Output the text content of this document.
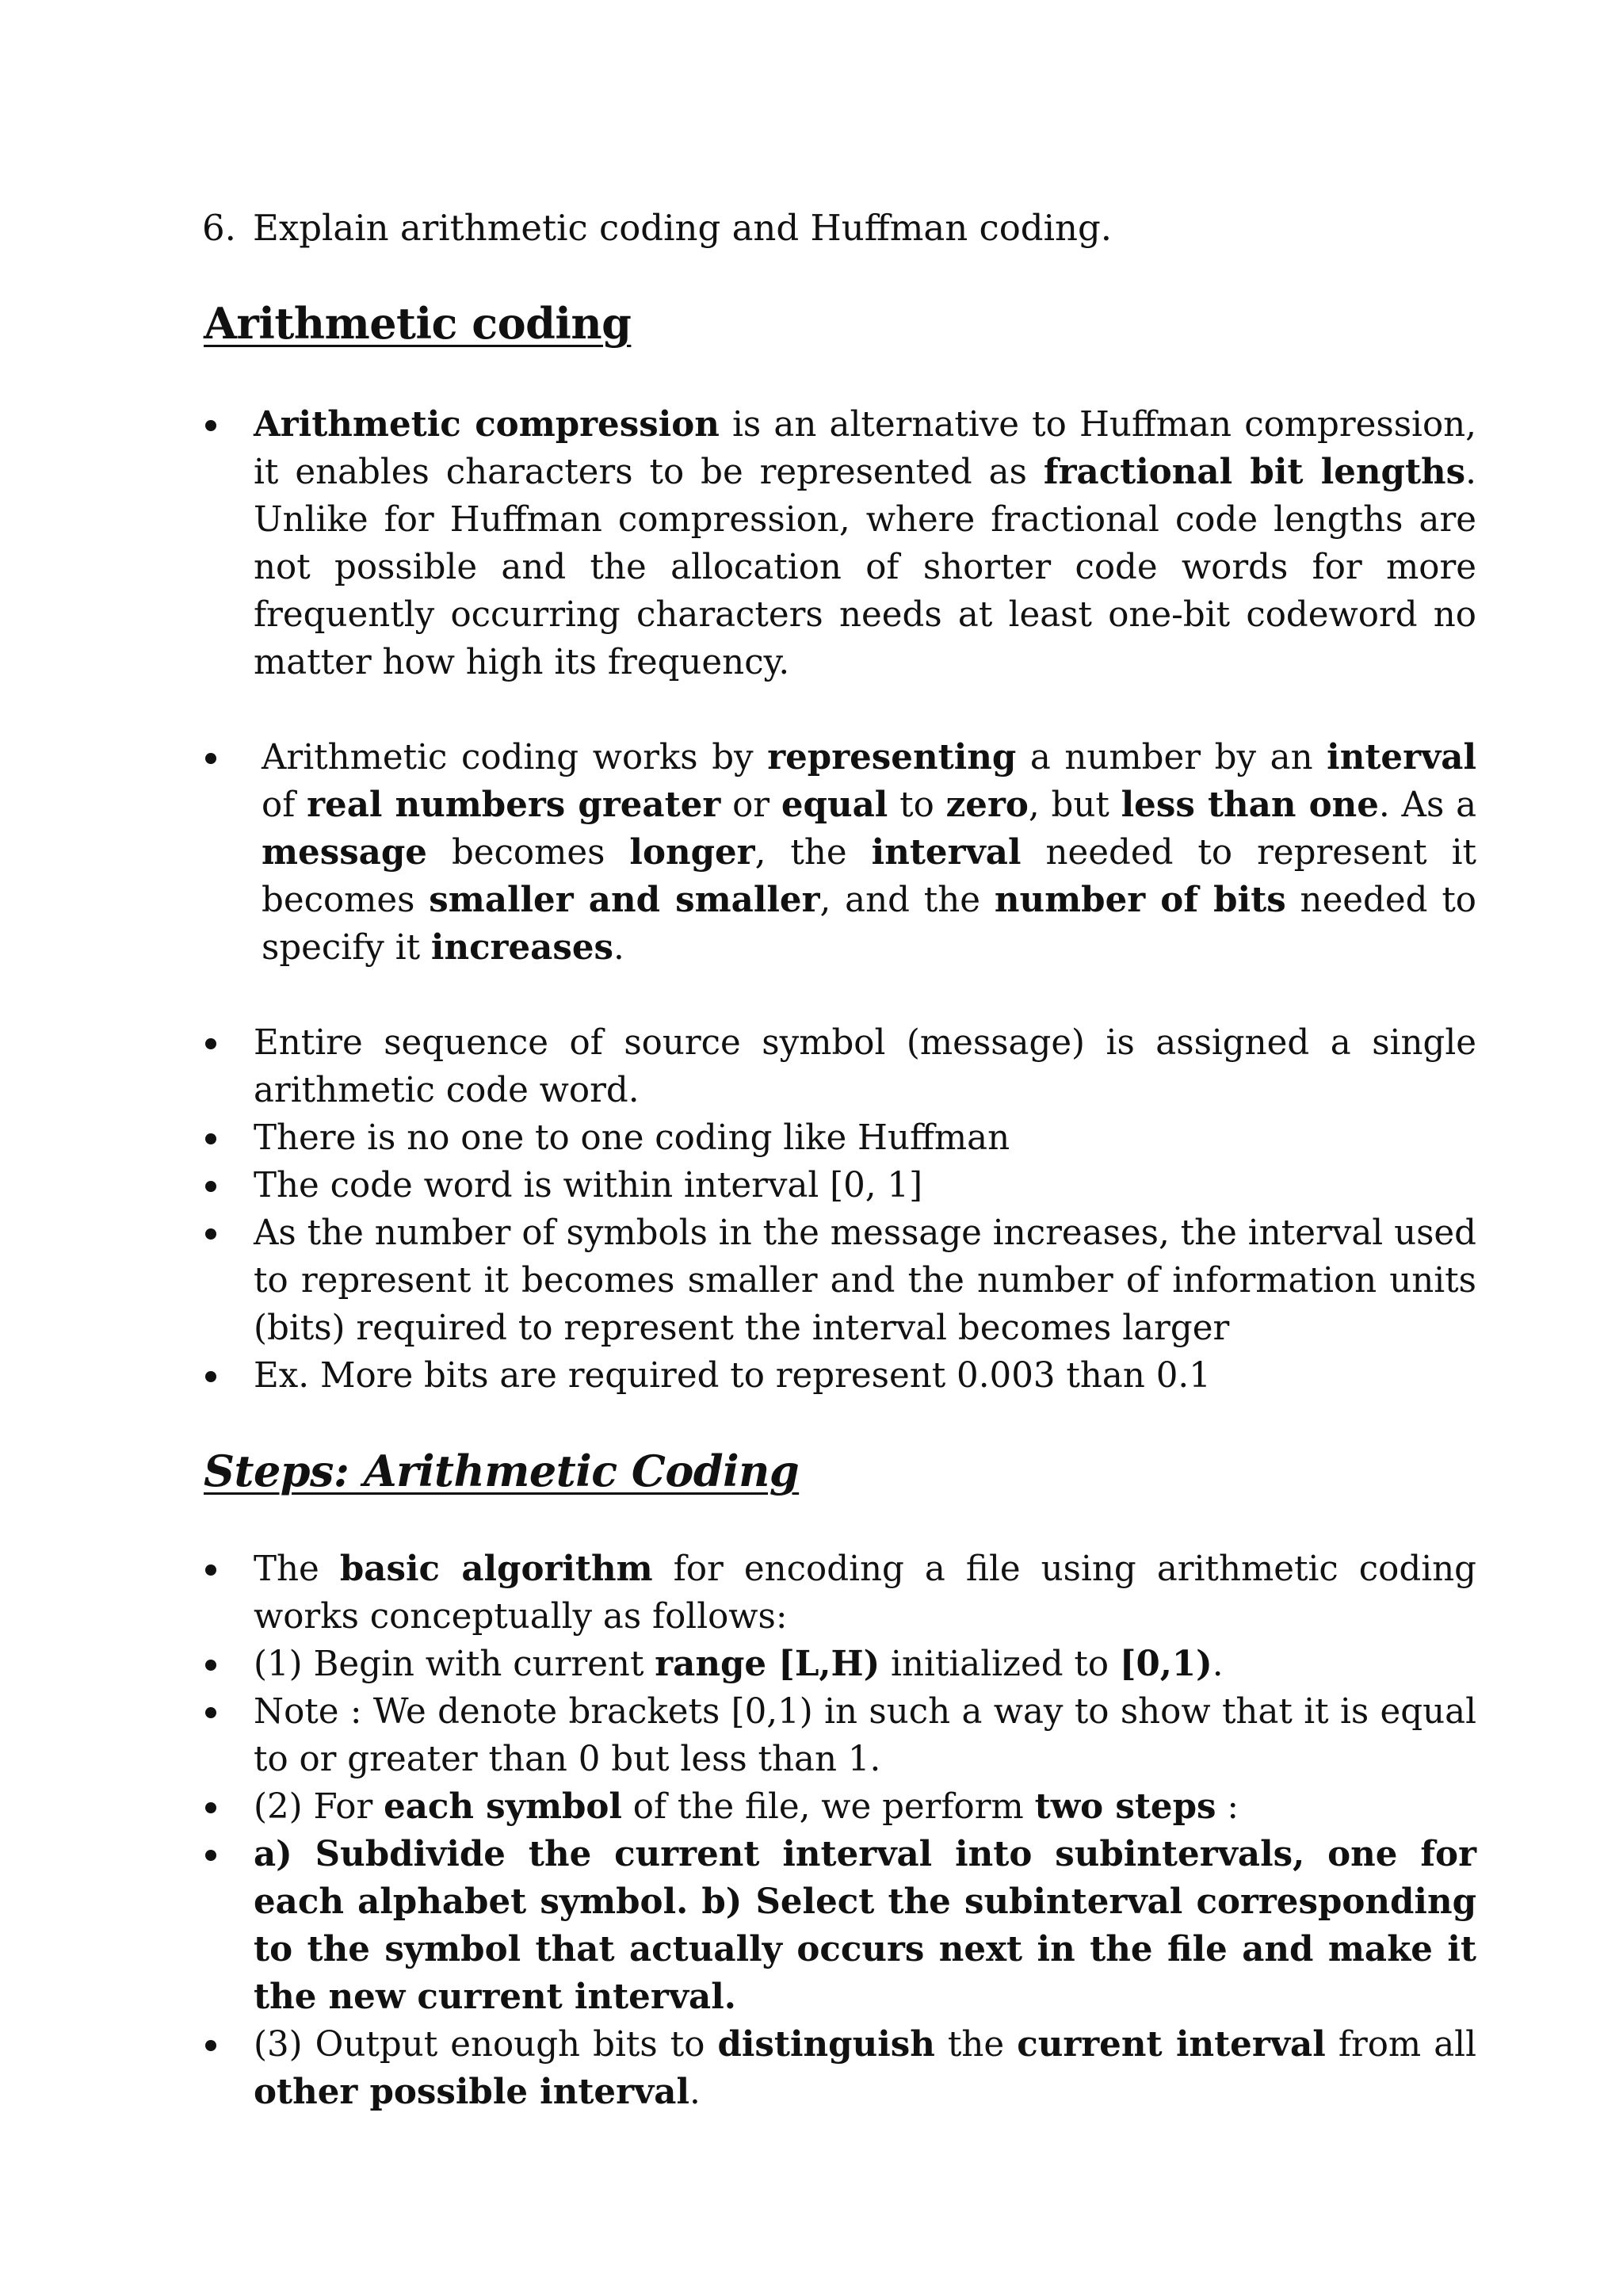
6. Explain arithmetic coding and Huffman coding.
Arithmetic coding
Arithmetic compression is an alternative to Huffman compression, it enables characters to be represented as fractional bit lengths. Unlike for Huffman compression, where fractional code lengths are not possible and the allocation of shorter code words for more frequently occurring characters needs at least one-bit codeword no matter how high its frequency.
Arithmetic coding works by representing a number by an interval of real numbers greater or equal to zero, but less than one. As a message becomes longer, the interval needed to represent it becomes smaller and smaller, and the number of bits needed to specify it increases.
Entire sequence of source symbol (message) is assigned a single arithmetic code word.
There is no one to one coding like Huffman
The code word is within interval [0, 1]
As the number of symbols in the message increases, the interval used to represent it becomes smaller and the number of information units (bits) required to represent the interval becomes larger
Ex. More bits are required to represent 0.003 than 0.1
Steps: Arithmetic Coding
The basic algorithm for encoding a file using arithmetic coding works conceptually as follows:
(1) Begin with current range [L,H) initialized to [0,1).
Note : We denote brackets [0,1) in such a way to show that it is equal to or greater than 0 but less than 1.
(2) For each symbol of the file, we perform two steps :
a) Subdivide the current interval into subintervals, one for each alphabet symbol. b) Select the subinterval corresponding to the symbol that actually occurs next in the file and make it the new current interval.
(3) Output enough bits to distinguish the current interval from all other possible interval.
